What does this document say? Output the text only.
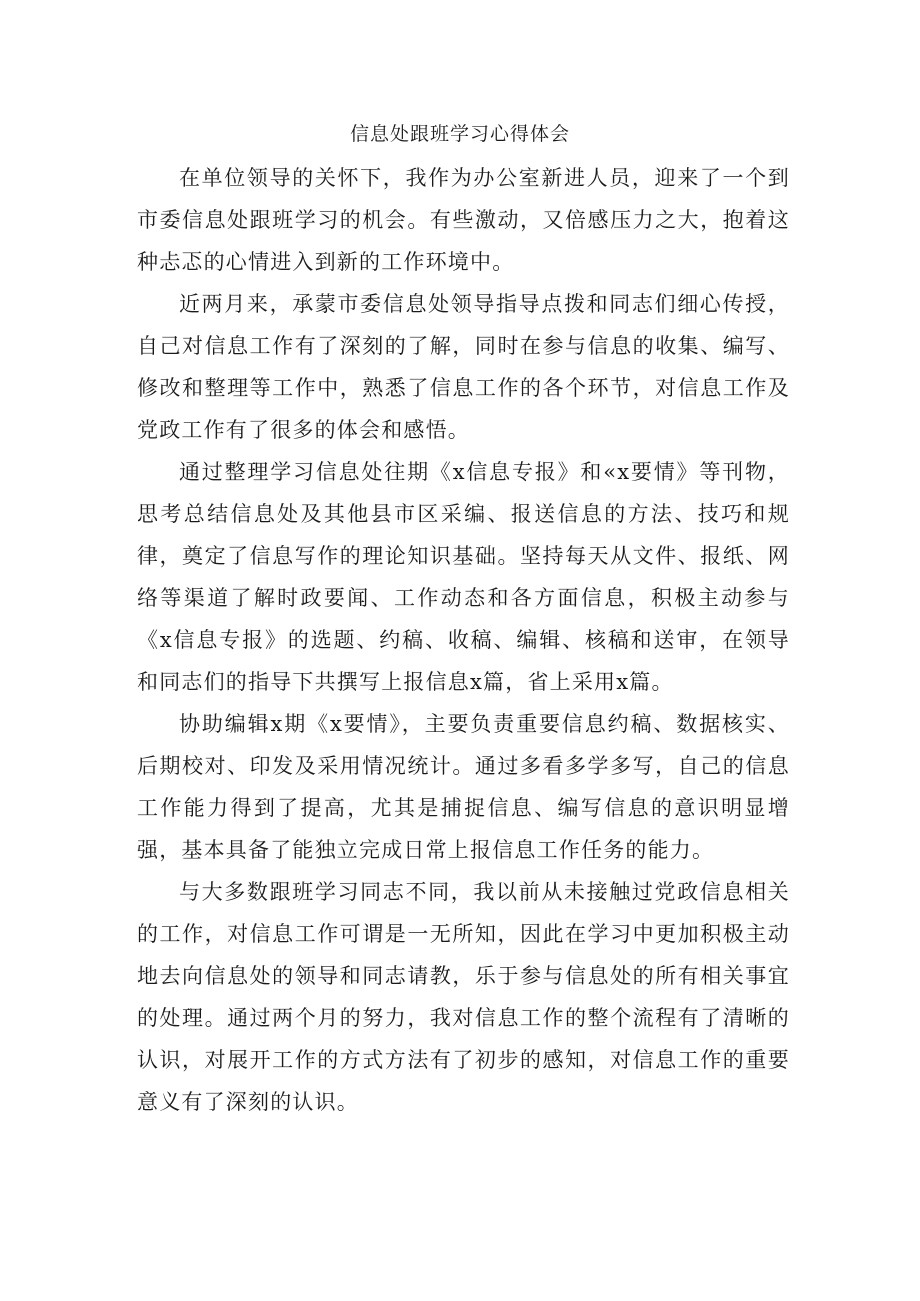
信息处跟班学习心得体会

在单位领导的关怀下，我作为办公室新进人员，迎来了一个到市委信息处跟班学习的机会。有些激动，又倍感压力之大，抱着这种忐忑的心情进入到新的工作环境中。

近两月来，承蒙市委信息处领导指导点拨和同志们细心传授，自己对信息工作有了深刻的了解，同时在参与信息的收集、编写、修改和整理等工作中，熟悉了信息工作的各个环节，对信息工作及党政工作有了很多的体会和感悟。

通过整理学习信息处往期《x信息专报》和«x要情》等刊物，思考总结信息处及其他县市区采编、报送信息的方法、技巧和规律，奠定了信息写作的理论知识基础。坚持每天从文件、报纸、网络等渠道了解时政要闻、工作动态和各方面信息，积极主动参与《x信息专报》的选题、约稿、收稿、编辑、核稿和送审，在领导和同志们的指导下共撰写上报信息x篇，省上采用x篇。

协助编辑x期《x要情》，主要负责重要信息约稿、数据核实、后期校对、印发及采用情况统计。通过多看多学多写，自己的信息工作能力得到了提高，尤其是捕捉信息、编写信息的意识明显增强，基本具备了能独立完成日常上报信息工作任务的能力。

与大多数跟班学习同志不同，我以前从未接触过党政信息相关的工作，对信息工作可谓是一无所知，因此在学习中更加积极主动地去向信息处的领导和同志请教，乐于参与信息处的所有相关事宜的处理。通过两个月的努力，我对信息工作的整个流程有了清晰的认识，对展开工作的方式方法有了初步的感知，对信息工作的重要意义有了深刻的认识。
